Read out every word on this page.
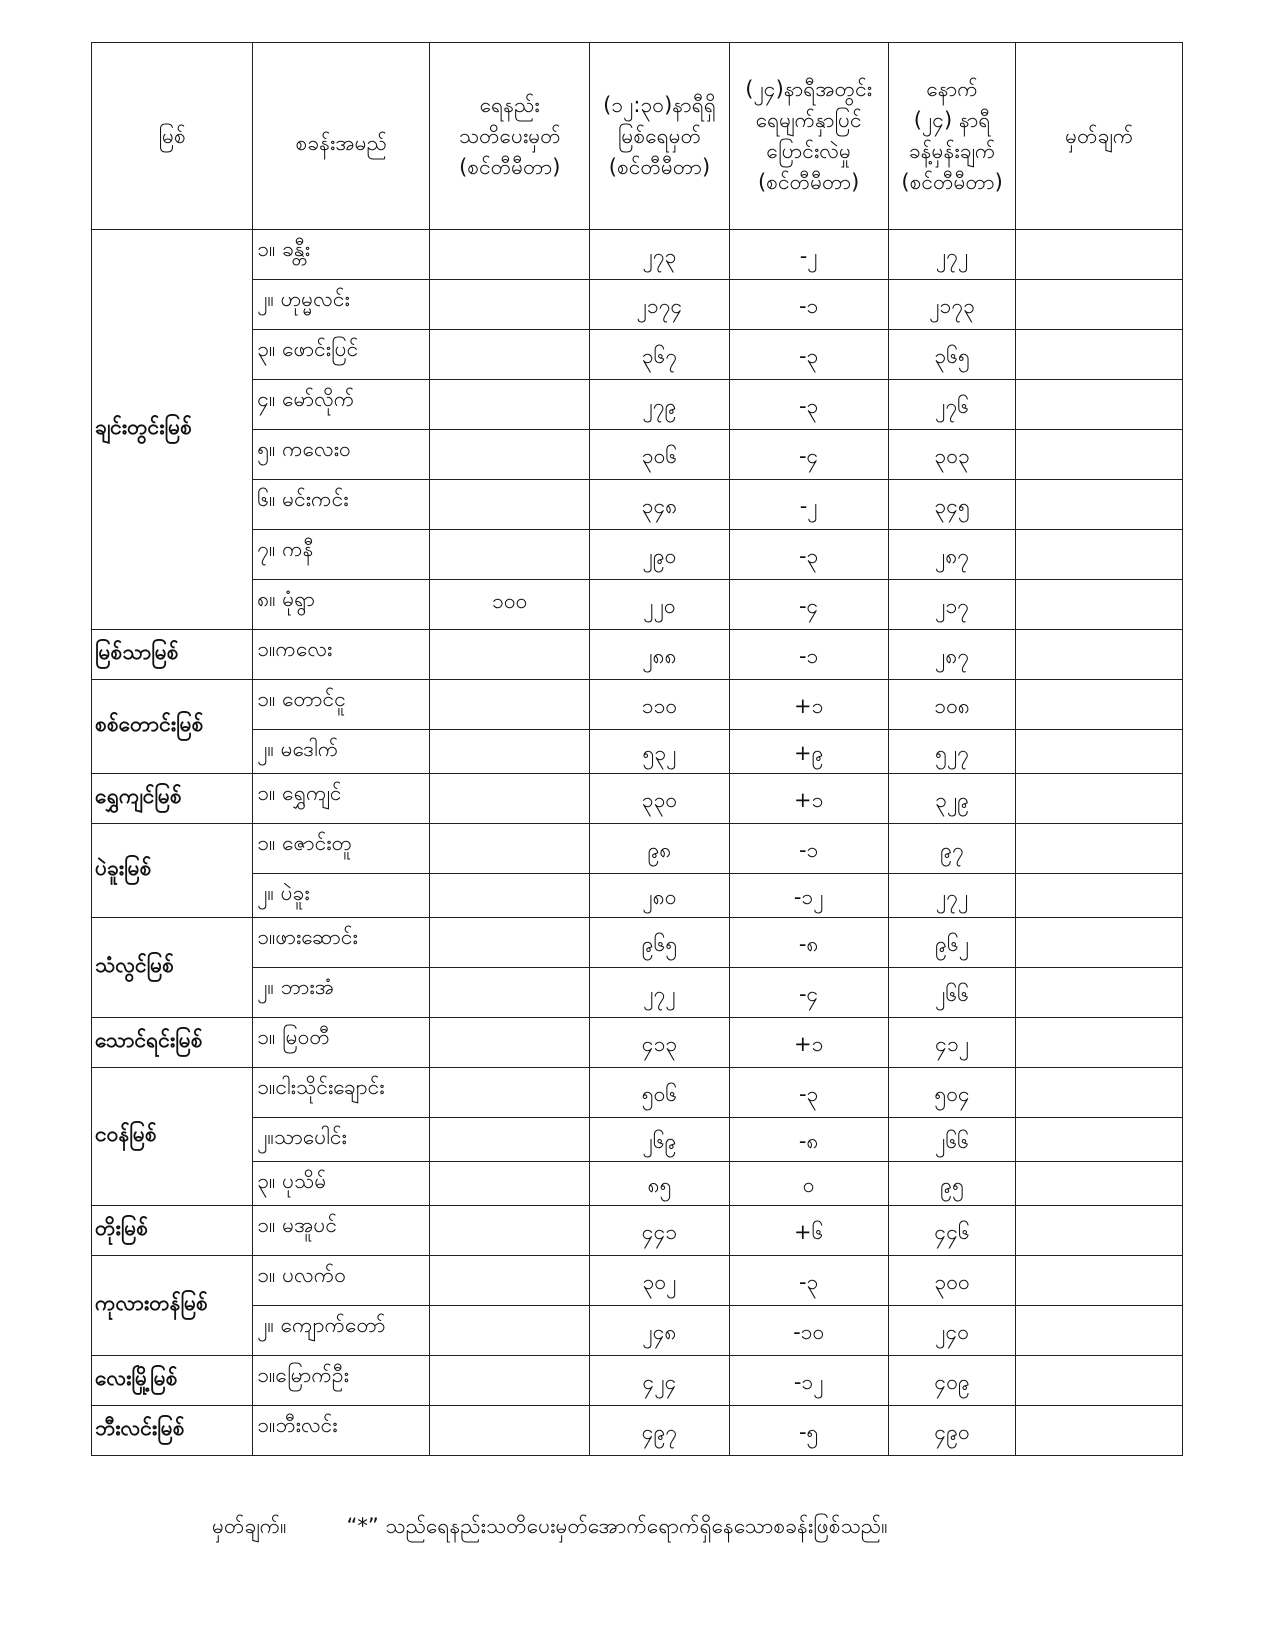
မြစ်	စခန်းအမည်	ရေနည်း
သတိပေးမှတ်
(စင်တီမီတာ)	(၁၂:၃၀)နာရီရှိ
မြစ်ရေမှတ်
(စင်တီမီတာ)	(၂၄)နာရီအတွင်း
ရေမျက်နှာပြင်
ပြောင်းလဲမှု
(စင်တီမီတာ)	နောက်
(၂၄) နာရီ
ခန့်မှန်းချက်
(စင်တီမီတာ)	မှတ်ချက်
ချင်းတွင်းမြစ်	၁။ ခန္တီး		၂၇၃	-၂	၂၇၂	
	၂။ ဟုမ္မလင်း		၂၁၇၄	-၁	၂၁၇၃	
	၃။ ဖောင်းပြင်		၃၆၇	-၃	၃၆၅	
	၄။ မော်လိုက်		၂၇၉	-၃	၂၇၆	
	၅။ ကလေးဝ		၃၀၆	-၄	၃၀၃	
	၆။ မင်းကင်း		၃၄၈	-၂	၃၄၅	
	၇။ ကနီ		၂၉၀	-၃	၂၈၇	
	၈။ မုံရွာ	၁၀၀	၂၂၀	-၄	၂၁၇	
မြစ်သာမြစ်	၁။ကလေး		၂၈၈	-၁	၂၈၇	
စစ်တောင်းမြစ်	၁။ တောင်ငူ		၁၁၀	+၁	၁၀၈	
	၂။ မဒေါက်		၅၃၂	+၉	၅၂၇	
ရွှေကျင်မြစ်	၁။ ရွှေကျင်		၃၃၀	+၁	၃၂၉	
ပဲခူးမြစ်	၁။ ဇောင်းတူ		၉၈	-၁	၉၇	
	၂။ ပဲခူး		၂၈၀	-၁၂	၂၇၂	
သံလွင်မြစ်	၁။ဖားဆောင်း		၉၆၅	-၈	၉၆၂	
	၂။ ဘားအံ		၂၇၂	-၄	၂၆၆	
သောင်ရင်းမြစ်	၁။ မြဝတီ		၄၁၃	+၁	၄၁၂	
ငဝန်မြစ်	၁။ငါးသိုင်းချောင်း		၅၀၆	-၃	၅၀၄	
	၂။သာပေါင်း		၂၆၉	-၈	၂၆၆	
	၃။ ပုသိမ်		၈၅	၀	၉၅	
တိုးမြစ်	၁။ မအူပင်		၄၄၁	+၆	၄၄၆	
ကုလားတန်မြစ်	၁။ ပလက်ဝ		၃၀၂	-၃	၃၀၀	
	၂။ ကျောက်တော်		၂၄၈	-၁၀	၂၄၀	
လေးမြို့မြစ်	၁။မြောက်ဦး		၄၂၄	-၁၂	၄၀၉	
ဘီးလင်းမြစ်	၁။ဘီးလင်း		၄၉၇	-၅	၄၉၀	
မှတ်ချက်။	“*” သည်ရေနည်းသတိပေးမှတ်အောက်ရောက်ရှိနေသောစခန်းဖြစ်သည်။
